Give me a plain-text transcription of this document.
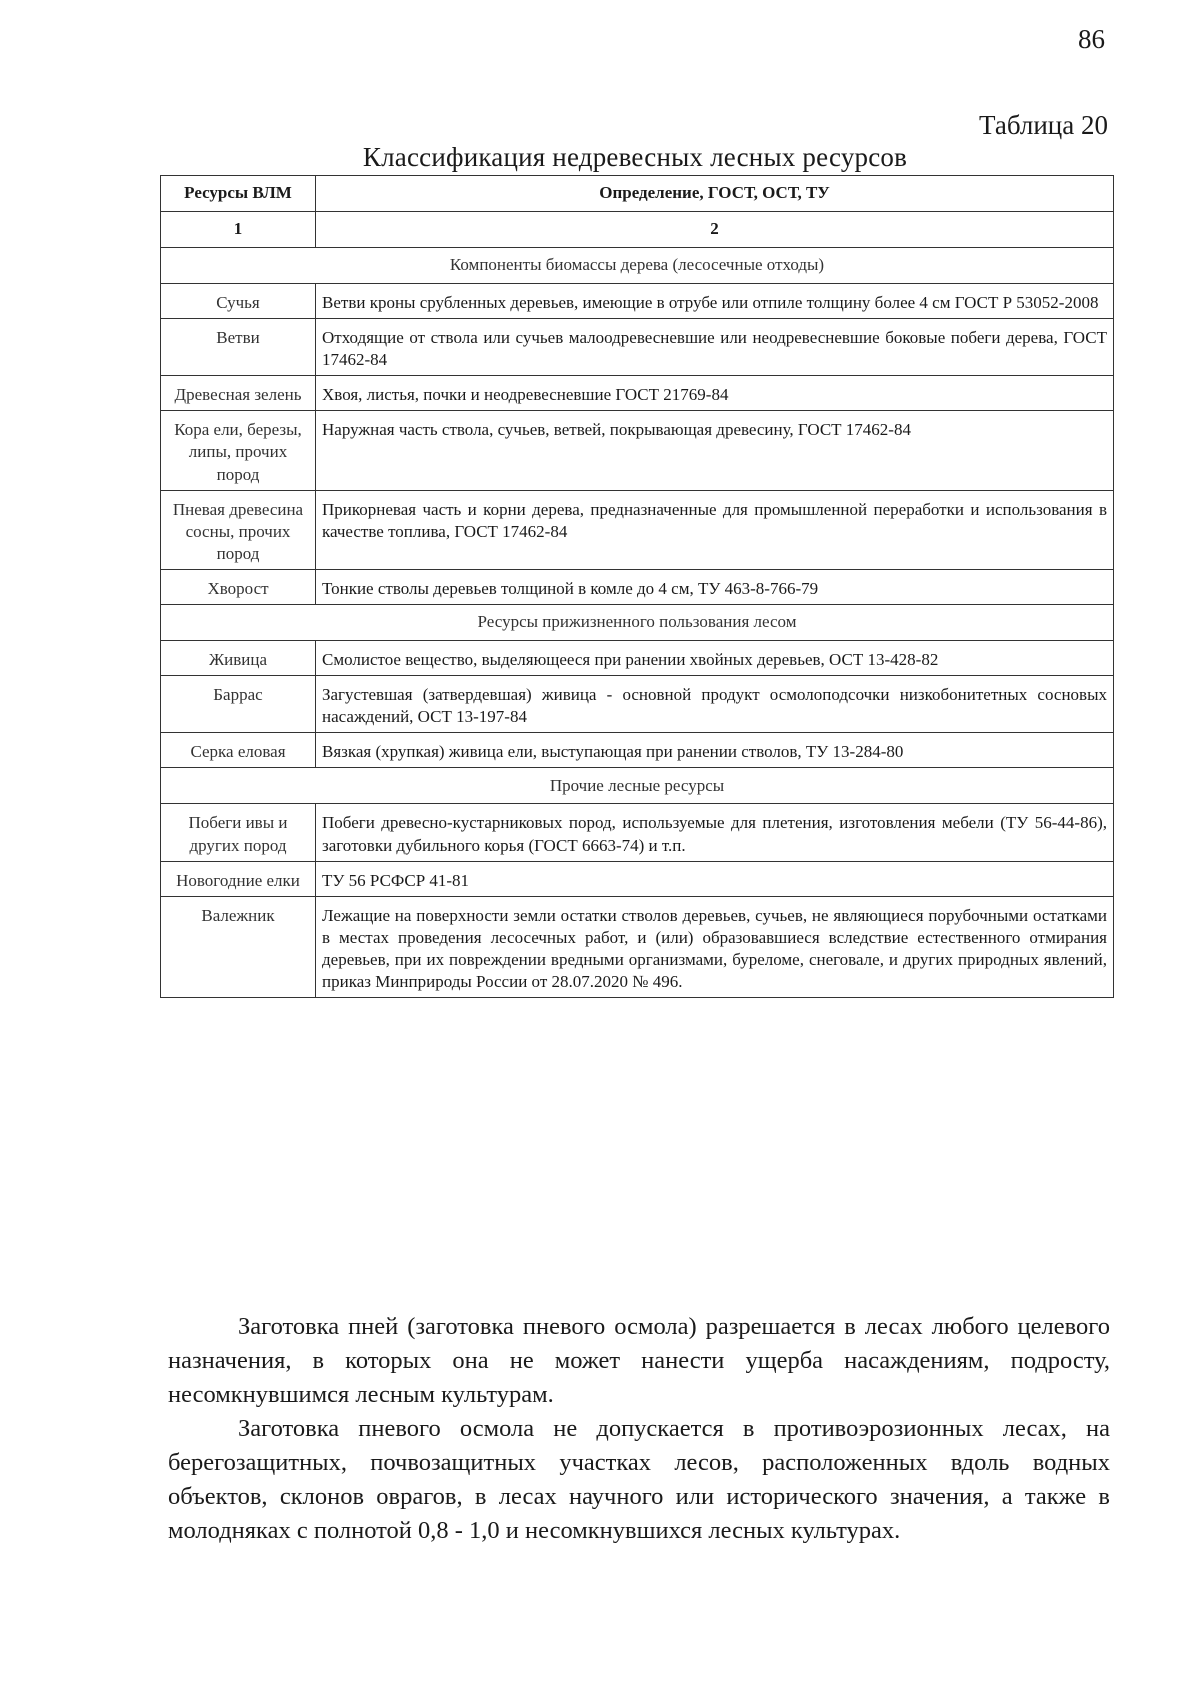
86
Таблица 20
Классификация недревесных лесных ресурсов
Ресурсы ВЛМ	Определение, ГОСТ, ОСТ, ТУ
1	2
Компоненты биомассы дерева (лесосечные отходы)	
Сучья	Ветви кроны срубленных деревьев, имеющие в отрубе или отпиле толщину более 4 см ГОСТ Р 53052-2008
Ветви	Отходящие от ствола или сучьев малоодревесневшие или неодревесневшие боковые побеги дерева, ГОСТ 17462-84
Древесная зелень	Хвоя, листья, почки и неодревесневшие ГОСТ 21769-84
Кора ели, березы, липы, прочих пород	Наружная часть ствола, сучьев, ветвей, покрывающая древесину, ГОСТ 17462-84
Пневая древесина сосны, прочих пород	Прикорневая часть и корни дерева, предназначенные для промышленной переработки и использования в качестве топлива, ГОСТ 17462-84
Хворост	Тонкие стволы деревьев толщиной в комле до 4 см, ТУ 463-8-766-79
Ресурсы прижизненного пользования лесом	
Живица	Смолистое вещество, выделяющееся при ранении хвойных деревьев, ОСТ 13-428-82
Баррас	Загустевшая (затвердевшая) живица - основной продукт осмолоподсочки низкобонитетных сосновых насаждений, ОСТ 13-197-84
Серка еловая	Вязкая (хрупкая) живица ели, выступающая при ранении стволов, ТУ 13-284-80
Прочие лесные ресурсы	
Побеги ивы и других пород	Побеги древесно-кустарниковых пород, используемые для плетения, изготовления мебели (ТУ 56-44-86), заготовки дубильного корья (ГОСТ 6663-74) и т.п.
Новогодние елки	ТУ 56 РСФСР 41-81
Валежник	Лежащие на поверхности земли остатки стволов деревьев, сучьев, не являющиеся порубочными остатками в местах проведения лесосечных работ, и (или) образовавшиеся вследствие естественного отмирания деревьев, при их повреждении вредными организмами, буреломе, снеговале, и других природных явлений, приказ Минприроды России от 28.07.2020 № 496.

Заготовка пней (заготовка пневого осмола) разрешается в лесах любого целевого назначения, в которых она не может нанести ущерба насаждениям, подросту, несомкнувшимся лесным культурам.

Заготовка пневого осмола не допускается в противоэрозионных лесах, на берегозащитных, почвозащитных участках лесов, расположенных вдоль водных объектов, склонов оврагов, в лесах научного или исторического значения, а также в молодняках с полнотой 0,8 - 1,0 и несомкнувшихся лесных культурах.
